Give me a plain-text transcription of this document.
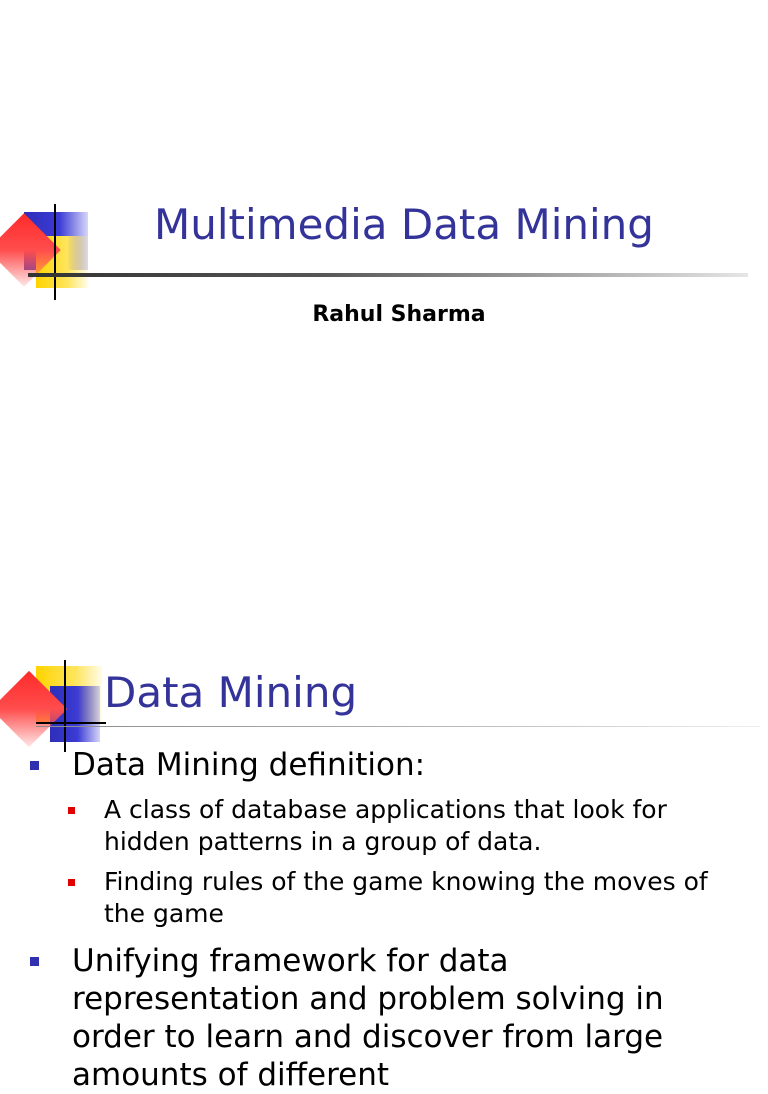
Multimedia Data Mining
Rahul Sharma
Data Mining
Data Mining definition:
A class of database applications that look for hidden patterns in a group of data.
Finding rules of the game knowing the moves of the game
Unifying framework for data representation and problem solving in order to learn and discover from large amounts of different
